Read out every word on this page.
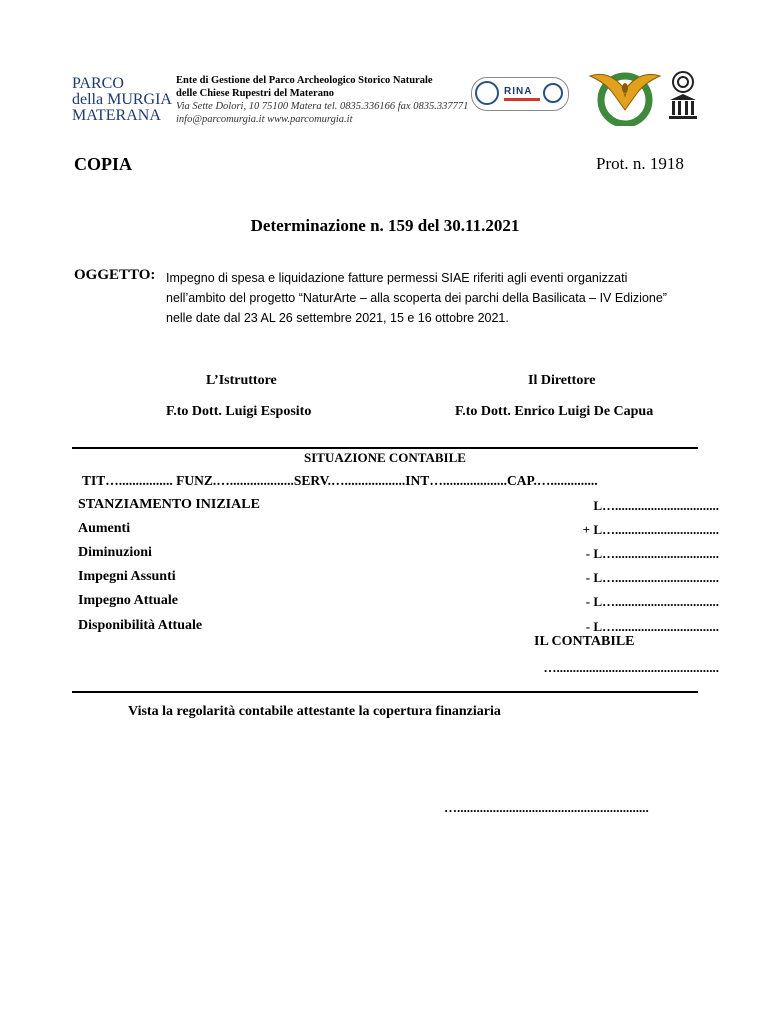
PARCO
della MURGIA
MATERANA
Ente di Gestione del Parco Archeologico Storico Naturale
delle Chiese Rupestri del Materano
Via Sette Dolori, 10 75100 Matera tel. 0835.336166 fax 0835.337771
info@parcomurgia.it www.parcomurgia.it
RINA
COPIA	Prot. n. 1918
Determinazione n. 159 del 30.11.2021
OGGETTO: Impegno di spesa e liquidazione fatture permessi SIAE riferiti agli eventi organizzati
nell’ambito del progetto “NaturArte – alla scoperta dei parchi della Basilicata – IV Edizione”
nelle date dal 23 AL 26 settembre 2021, 15 e 16 ottobre 2021.
L’Istruttore
F.to Dott. Luigi Esposito
Il Direttore
F.to Dott. Enrico Luigi De Capua
SITUAZIONE CONTABILE
TIT…................ FUNZ.…...................SERV.…..................INT…...................CAP.…..............
STANZIAMENTO INIZIALE	L…................................
Aumenti	+ L…................................
Diminuzioni	- L…................................
Impegni Assunti	- L…................................
Impegno Attuale	- L…................................
Disponibilità Attuale	- L…................................
IL CONTABILE
…..................................................
Vista la regolarità contabile attestante la copertura finanziaria
…...........................................................
